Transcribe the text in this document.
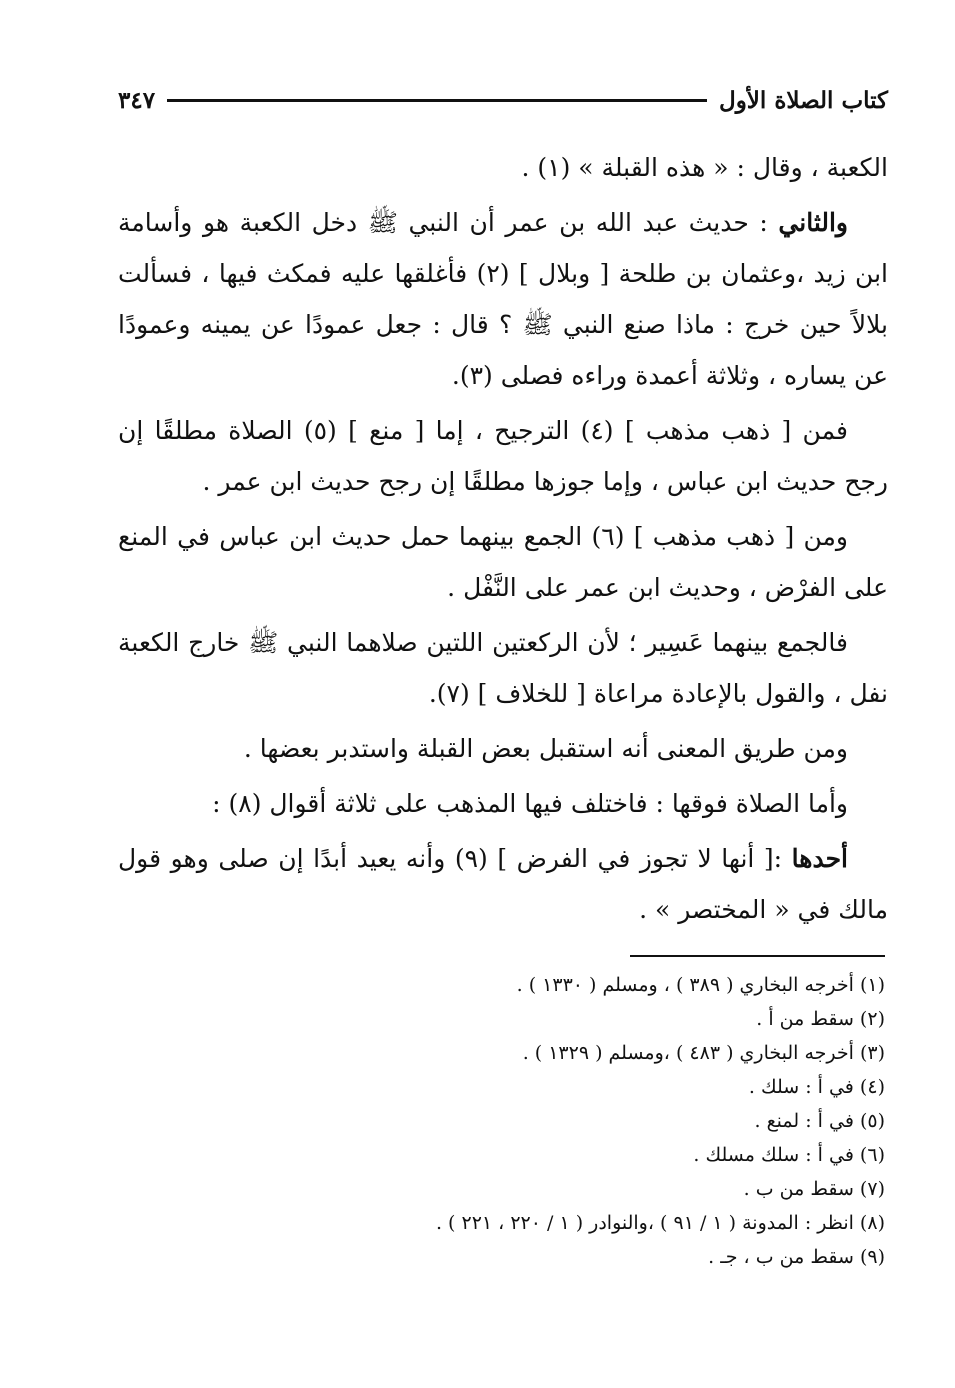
كتاب الصلاة الأول
٣٤٧

الكعبة ، وقال : « هذه القبلة » (١) .

والثاني : حديث عبد الله بن عمر أن النبي ﷺ دخل الكعبة هو وأسامة ابن زيد ،وعثمان بن طلحة [ وبلال ] (٢) فأغلقها عليه فمكث فيها ، فسألت بلالاً حين خرج : ماذا صنع النبي ﷺ ؟ قال : جعل عمودًا عن يمينه وعمودًا عن يساره ، وثلاثة أعمدة وراءه فصلى (٣).

فمن [ ذهب مذهب ] (٤) الترجيح ، إما [ منع ] (٥) الصلاة مطلقًا إن رجح حديث ابن عباس ، وإما جوزها مطلقًا إن رجح حديث ابن عمر .

ومن [ ذهب مذهب ] (٦) الجمع بينهما حمل حديث ابن عباس في المنع على الفرْض ، وحديث ابن عمر على النَّفْل .

فالجمع بينهما عَسِير ؛ لأن الركعتين اللتين صلاهما النبي ﷺ خارج الكعبة نفل ، والقول بالإعادة مراعاة [ للخلاف ] (٧).

ومن طريق المعنى أنه استقبل بعض القبلة واستدبر بعضها .

وأما الصلاة فوقها : فاختلف فيها المذهب على ثلاثة أقوال (٨) :

أحدها :[ أنها لا تجوز في الفرض ] (٩) وأنه يعيد أبدًا إن صلى وهو قول مالك في « المختصر » .

(١) أخرجه البخاري ( ٣٨٩ ) ، ومسلم ( ١٣٣٠ ) .

(٢) سقط من أ .

(٣) أخرجه البخاري ( ٤٨٣ ) ،ومسلم ( ١٣٢٩ ) .

(٤) في أ : سلك .

(٥) في أ : لمنع .

(٦) في أ : سلك مسلك .

(٧) سقط من ب .

(٨) انظر : المدونة ( ١ / ٩١ ) ،والنوادر ( ١ / ٢٢٠ ، ٢٢١ ) .

(٩) سقط من ب ، جـ .
